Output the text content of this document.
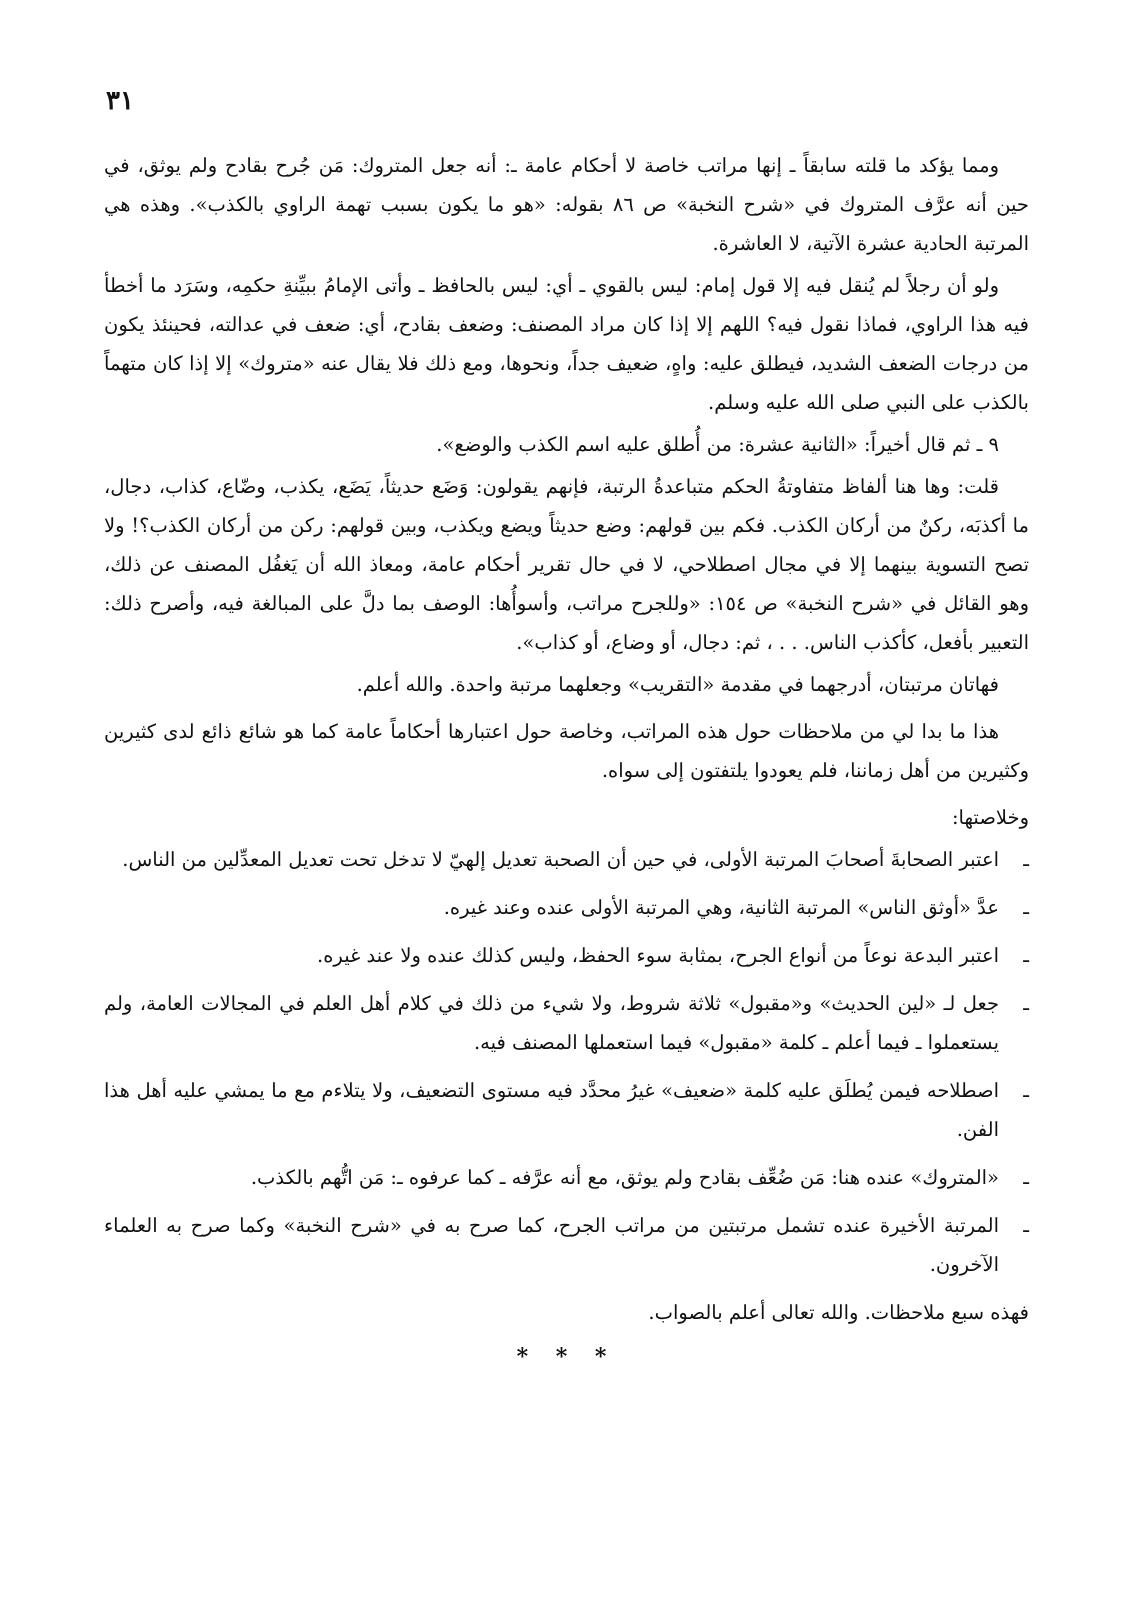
٣١

ومما يؤكد ما قلته سابقاً ـ إنها مراتب خاصة لا أحكام عامة ـ: أنه جعل المتروك: مَن جُرح بقادح ولم يوثق، في حين أنه عرَّف المتروك في «شرح النخبة» ص ٨٦ بقوله: «هو ما يكون بسبب تهمة الراوي بالكذب». وهذه هي المرتبة الحادية عشرة الآتية، لا العاشرة.

ولو أن رجلاً لم يُنقل فيه إلا قول إمام: ليس بالقوي ـ أي: ليس بالحافظ ـ وأتى الإمامُ ببيِّنةِ حكمِه، وسَرَد ما أخطأ فيه هذا الراوي، فماذا نقول فيه؟ اللهم إلا إذا كان مراد المصنف: وضعف بقادح، أي: ضعف في عدالته، فحينئذ يكون من درجات الضعف الشديد، فيطلق عليه: واهٍ، ضعيف جداً، ونحوها، ومع ذلك فلا يقال عنه «متروك» إلا إذا كان متهماً بالكذب على النبي صلى الله عليه وسلم.

٩ ـ ثم قال أخيراً: «الثانية عشرة: من أُطلق عليه اسم الكذب والوضع».

قلت: وها هنا ألفاظ متفاوتةُ الحكم متباعدةُ الرتبة، فإنهم يقولون: وَضَع حديثاً، يَضَع، يكذب، وضّاع، كذاب، دجال، ما أكذبَه، ركنٌ من أركان الكذب. فكم بين قولهم: وضع حديثاً ويضع ويكذب، وبين قولهم: ركن من أركان الكذب؟! ولا تصح التسوية بينهما إلا في مجال اصطلاحي، لا في حال تقرير أحكام عامة، ومعاذ الله أن يَغفُل المصنف عن ذلك، وهو القائل في «شرح النخبة» ص ١٥٤: «وللجرح مراتب، وأسوأُها: الوصف بما دلَّ على المبالغة فيه، وأصرح ذلك: التعبير بأفعل، كأكذب الناس. . . ، ثم: دجال، أو وضاع، أو كذاب».

فهاتان مرتبتان، أدرجهما في مقدمة «التقريب» وجعلهما مرتبة واحدة. والله أعلم.

هذا ما بدا لي من ملاحظات حول هذه المراتب، وخاصة حول اعتبارها أحكاماً عامة كما هو شائع ذائع لدى كثيرين وكثيرين من أهل زماننا، فلم يعودوا يلتفتون إلى سواه.

وخلاصتها:

ـ
اعتبر الصحابةَ أصحابَ المرتبة الأولى، في حين أن الصحبة تعديل إلهيّ لا تدخل تحت تعديل المعدِّلين من الناس.
ـ
عدَّ «أوثق الناس» المرتبة الثانية، وهي المرتبة الأولى عنده وعند غيره.
ـ
اعتبر البدعة نوعاً من أنواع الجرح، بمثابة سوء الحفظ، وليس كذلك عنده ولا عند غيره.
ـ
جعل لـ «لين الحديث» و«مقبول» ثلاثة شروط، ولا شيء من ذلك في كلام أهل العلم في المجالات العامة، ولم يستعملوا ـ فيما أعلم ـ كلمة «مقبول» فيما استعملها المصنف فيه.
ـ
اصطلاحه فيمن يُطلَق عليه كلمة «ضعيف» غيرُ محدَّد فيه مستوى التضعيف، ولا يتلاءم مع ما يمشي عليه أهل هذا الفن.
ـ
«المتروك» عنده هنا: مَن ضُعِّف بقادح ولم يوثق، مع أنه عرَّفه ـ كما عرفوه ـ: مَن اتُّهم بالكذب.
ـ
المرتبة الأخيرة عنده تشمل مرتبتين من مراتب الجرح، كما صرح به في «شرح النخبة» وكما صرح به العلماء الآخرون.

فهذه سبع ملاحظات. والله تعالى أعلم بالصواب.

* * *
